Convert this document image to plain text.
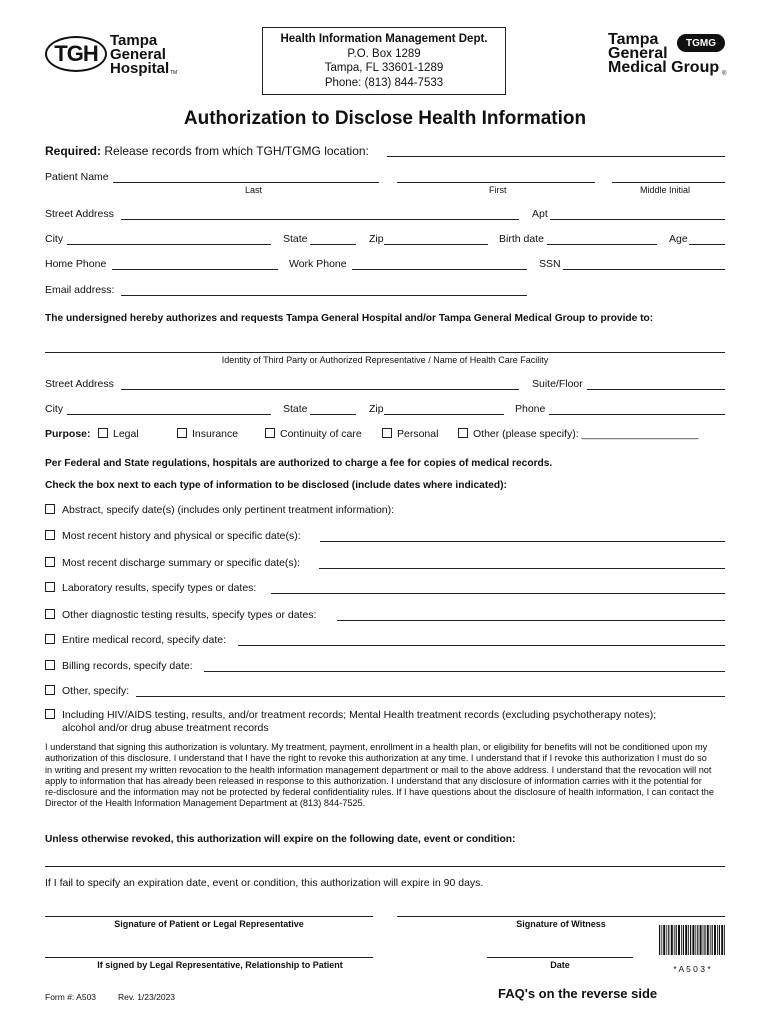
TGH
Tampa
General
Hospital TM
Health Information Management Dept.
P.O. Box 1289
Tampa, FL 33601-1289
Phone: (813) 844-7533
Tampa
General
Medical Group
TGMG
®
Authorization to Disclose Health Information
Required: Release records from which TGH/TGMG location:
Patient Name
Last	First	Middle Initial
Street Address	Apt
City	State	Zip	Birth date	Age
Home Phone	Work Phone	SSN
Email address:
The undersigned hereby authorizes and requests Tampa General Hospital and/or Tampa General Medical Group to provide to:
Identity of Third Party or Authorized Representative / Name of Health Care Facility
Street Address	Suite/Floor
City	State	Zip	Phone
Purpose: Legal	Insurance	Continuity of care	Personal	Other (please specify): ____________________
Per Federal and State regulations, hospitals are authorized to charge a fee for copies of medical records.
Check the box next to each type of information to be disclosed (include dates where indicated):
Abstract, specify date(s) (includes only pertinent treatment information):
Most recent history and physical or specific date(s):
Most recent discharge summary or specific date(s):
Laboratory results, specify types or dates:
Other diagnostic testing results, specify types or dates:
Entire medical record, specify date:
Billing records, specify date:
Other, specify:
Including HIV/AIDS testing, results, and/or treatment records; Mental Health treatment records (excluding psychotherapy notes);
alcohol and/or drug abuse treatment records
I understand that signing this authorization is voluntary. My treatment, payment, enrollment in a health plan, or eligibility for benefits will not be conditioned upon my authorization of this disclosure. I understand that I have the right to revoke this authorization at any time. I understand that if I revoke this authorization I must do so in writing and present my written revocation to the health information management department or mail to the above address. I understand that the revocation will not apply to information that has already been released in response to this authorization. I understand that any disclosure of information carries with it the potential for re-disclosure and the information may not be protected by federal confidentiality rules. If I have questions about the disclosure of health information, I can contact the Director of the Health Information Management Department at (813) 844-7525.
Unless otherwise revoked, this authorization will expire on the following date, event or condition:
If I fail to specify an expiration date, event or condition, this authorization will expire in 90 days.
Signature of Patient or Legal Representative	Signature of Witness
If signed by Legal Representative, Relationship to Patient	Date	* A 5 0 3 *
Form #: A503	Rev. 1/23/2023	FAQ's on the reverse side
